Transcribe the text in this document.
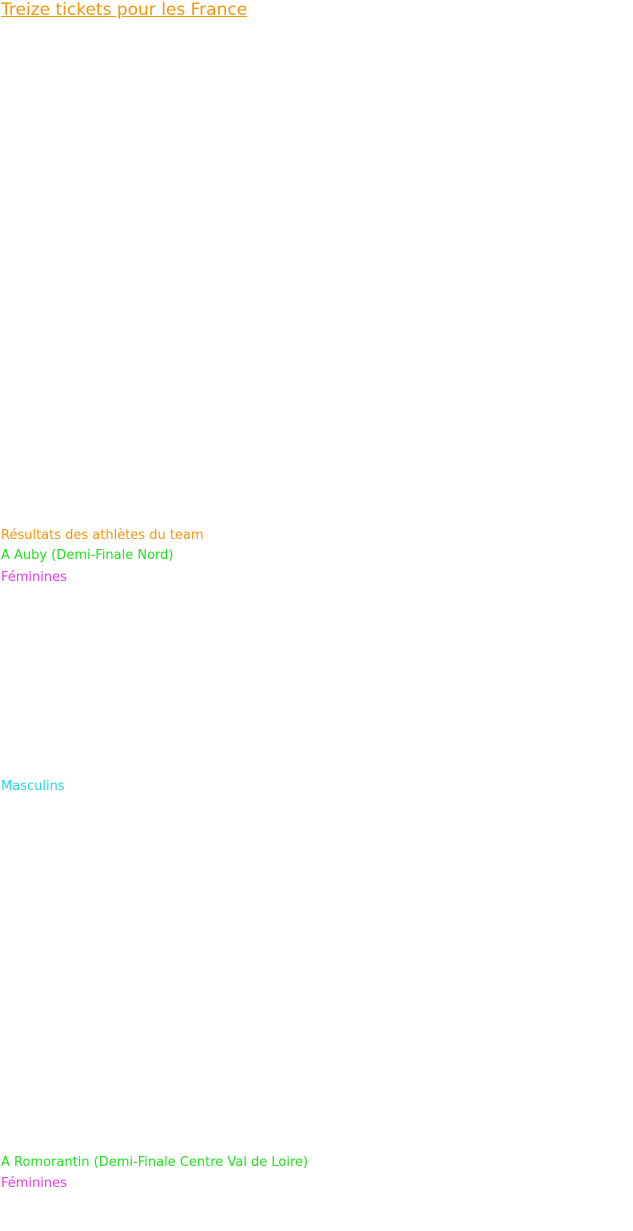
Treize tickets pour les France
Résultats des athlètes du team
A Auby (Demi-Finale Nord)
Féminines
Masculins
A Romorantin (Demi-Finale Centre Val de Loire)
Féminines
